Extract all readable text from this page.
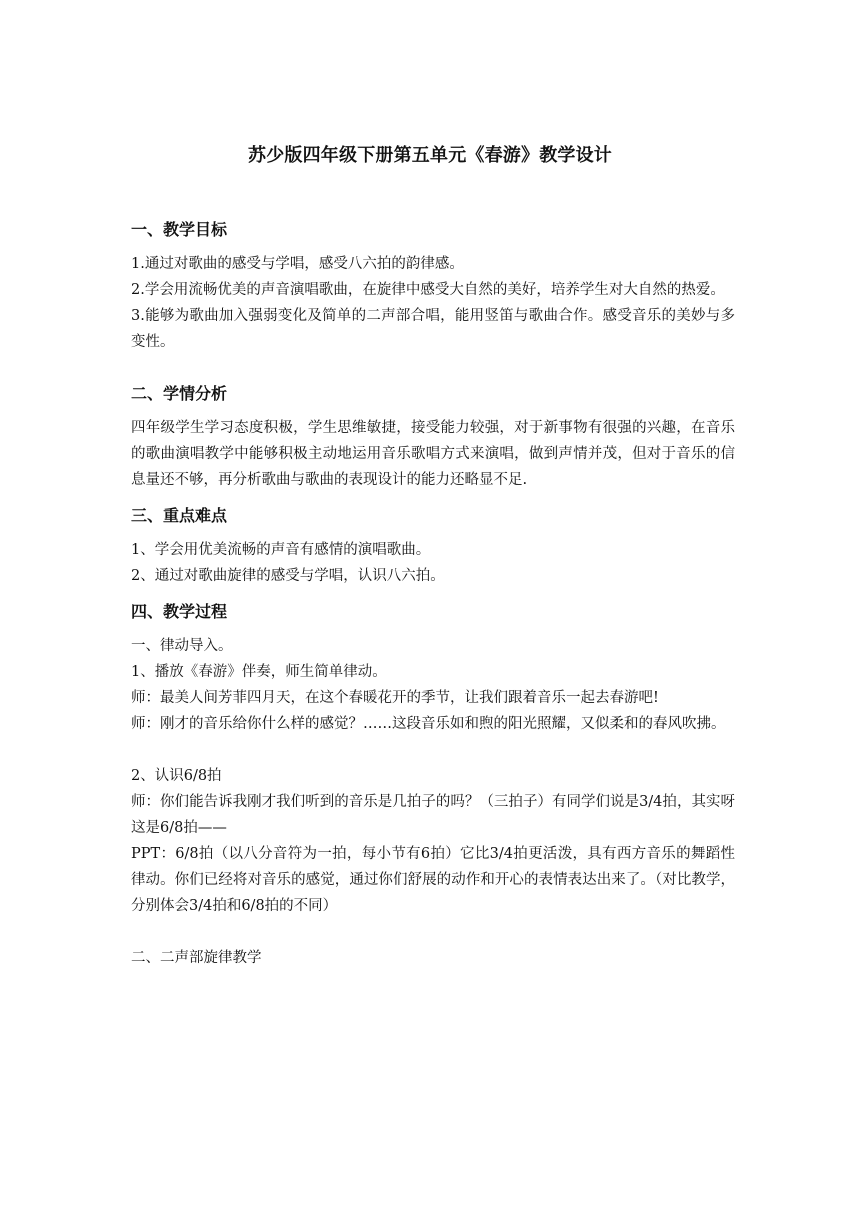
苏少版四年级下册第五单元《春游》教学设计

一、教学目标

1.通过对歌曲的感受与学唱，感受八六拍的韵律感。

2.学会用流畅优美的声音演唱歌曲，在旋律中感受大自然的美好，培养学生对大自然的热爱。

3.能够为歌曲加入强弱变化及简单的二声部合唱，能用竖笛与歌曲合作。感受音乐的美妙与多变性。

二、学情分析

四年级学生学习态度积极，学生思维敏捷，接受能力较强，对于新事物有很强的兴趣，在音乐的歌曲演唱教学中能够积极主动地运用音乐歌唱方式来演唱，做到声情并茂，但对于音乐的信息量还不够，再分析歌曲与歌曲的表现设计的能力还略显不足.

三、重点难点

1、学会用优美流畅的声音有感情的演唱歌曲。

2、通过对歌曲旋律的感受与学唱，认识八六拍。

四、教学过程

一、律动导入。

1、播放《春游》伴奏，师生简单律动。

师：最美人间芳菲四月天，在这个春暖花开的季节，让我们跟着音乐一起去春游吧!

师：刚才的音乐给你什么样的感觉？……这段音乐如和煦的阳光照耀，又似柔和的春风吹拂。

2、认识6/8拍

师：你们能告诉我刚才我们听到的音乐是几拍子的吗？（三拍子）有同学们说是3/4拍，其实呀这是6/8拍——

PPT：6/8拍（以八分音符为一拍，每小节有6拍）它比3/4拍更活泼，具有西方音乐的舞蹈性律动。你们已经将对音乐的感觉，通过你们舒展的动作和开心的表情表达出来了。（对比教学，分别体会3/4拍和6/8拍的不同）

二、二声部旋律教学
